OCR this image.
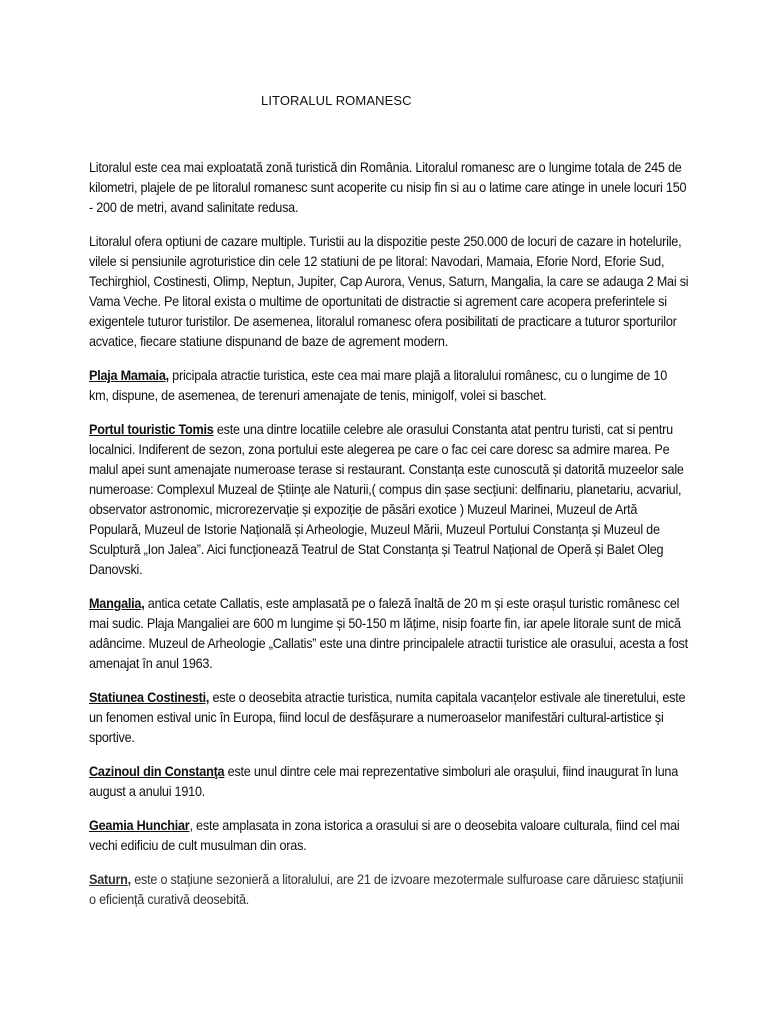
LITORALUL ROMANESC

Litoralul este cea mai exploatată zonă turistică din România. Litoralul romanesc are o lungime totala de 245 de kilometri, plajele de pe litoralul romanesc sunt acoperite cu nisip fin si au o latime care atinge in unele locuri 150 - 200 de metri, avand salinitate redusa.

Litoralul ofera optiuni de cazare multiple. Turistii au la dispozitie peste 250.000 de locuri de cazare in hotelurile, vilele si pensiunile agroturistice din cele 12 statiuni de pe litoral: Navodari, Mamaia, Eforie Nord, Eforie Sud, Techirghiol, Costinesti, Olimp, Neptun, Jupiter, Cap Aurora, Venus, Saturn, Mangalia, la care se adauga 2 Mai si Vama Veche. Pe litoral exista o multime de oportunitati de distractie si agrement care acopera preferintele si exigentele tuturor turistilor. De asemenea, litoralul romanesc ofera posibilitati de practicare a tuturor sporturilor acvatice, fiecare statiune dispunand de baze de agrement modern.

Plaja Mamaia, pricipala atractie turistica, este cea mai mare plajă a litoralului românesc, cu o lungime de 10 km, dispune, de asemenea, de terenuri amenajate de tenis, minigolf, volei si baschet.

Portul touristic Tomis este una dintre locatiile celebre ale orasului Constanta atat pentru turisti, cat si pentru localnici. Indiferent de sezon, zona portului este alegerea pe care o fac cei care doresc sa admire marea. Pe malul apei sunt amenajate numeroase terase si restaurant. Constanța este cunoscută și datorită muzeelor sale numeroase: Complexul Muzeal de Științe ale Naturii,( compus din șase secțiuni: delfinariu, planetariu, acvariul, observator astronomic, microrezervație și expoziție de păsări exotice ) Muzeul Marinei, Muzeul de Artă Populară, Muzeul de Istorie Națională și Arheologie, Muzeul Mării, Muzeul Portului Constanța și Muzeul de Sculptură „Ion Jalea”. Aici funcționează Teatrul de Stat Constanța și Teatrul Național de Operă și Balet Oleg Danovski.

Mangalia, antica cetate Callatis, este amplasată pe o faleză înaltă de 20 m și este orașul turistic românesc cel mai sudic. Plaja Mangaliei are 600 m lungime și 50-150 m lățime, nisip foarte fin, iar apele litorale sunt de mică adâncime. Muzeul de Arheologie „Callatis” este una dintre principalele atractii turistice ale orasului, acesta a fost amenajat în anul 1963.

Statiunea Costinesti, este o deosebita atractie turistica, numita capitala vacanțelor estivale ale tineretului, este un fenomen estival unic în Europa, fiind locul de desfășurare a numeroaselor manifestări cultural-artistice și sportive.

Cazinoul din Constanţa este unul dintre cele mai reprezentative simboluri ale orașului, fiind inaugurat în luna august a anului 1910.

Geamia Hunchiar, este amplasata in zona istorica a orasului si are o deosebita valoare culturala, fiind cel mai vechi edificiu de cult musulman din oras.

Saturn, este o stațiune sezonieră a litoralului, are 21 de izvoare mezotermale sulfuroase care dăruiesc stațiunii o eficiență curativă deosebită.
